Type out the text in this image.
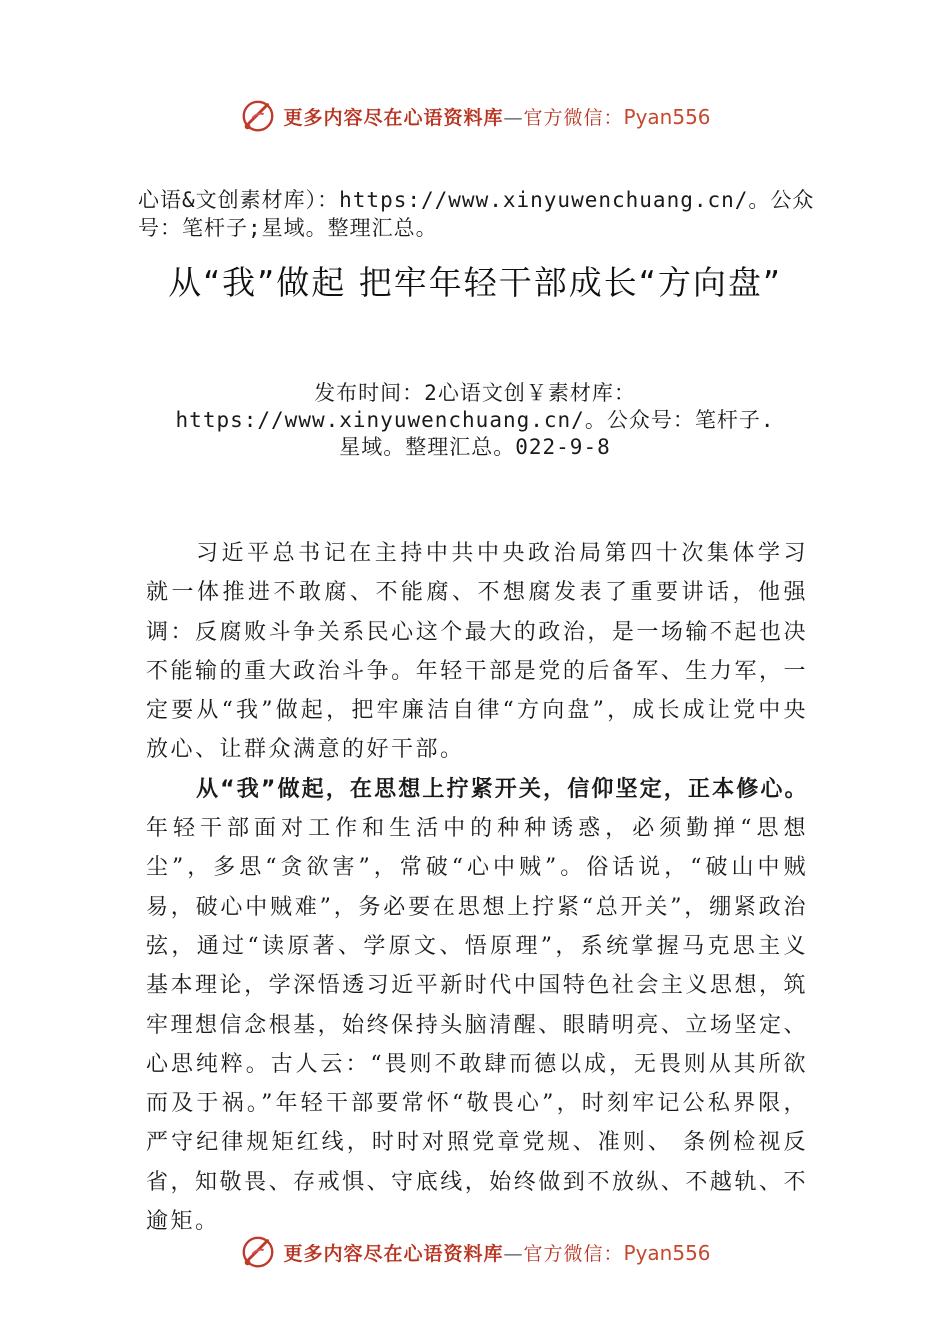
更多内容尽在心语资料库—官方微信：Pyan556

心语&文创素材库）：https://www.xinyuwenchuang.cn/。公众号：笔杆子;星域。整理汇总。

从“我”做起 把牢年轻干部成长“方向盘”

发布时间：2心语文创￥素材库：https://www.xinyuwenchuang.cn/。公众号：笔杆子.星域。整理汇总。022-9-8

习近平总书记在主持中共中央政治局第四十次集体学习就一体推进不敢腐、不能腐、不想腐发表了重要讲话，他强调：反腐败斗争关系民心这个最大的政治，是一场输不起也决不能输的重大政治斗争。年轻干部是党的后备军、生力军，一定要从“我”做起，把牢廉洁自律“方向盘”，成长成让党中央放心、让群众满意的好干部。

从“我”做起，在思想上拧紧开关，信仰坚定，正本修心。年轻干部面对工作和生活中的种种诱惑，必须勤掸“思想尘”，多思“贪欲害”，常破“心中贼”。俗话说，“破山中贼易，破心中贼难”，务必要在思想上拧紧“总开关”，绷紧政治弦，通过“读原著、学原文、悟原理”，系统掌握马克思主义基本理论，学深悟透习近平新时代中国特色社会主义思想，筑牢理想信念根基，始终保持头脑清醒、眼睛明亮、立场坚定、心思纯粹。古人云：“畏则不敢肆而德以成，无畏则从其所欲而及于祸。”年轻干部要常怀“敬畏心”，时刻牢记公私界限，严守纪律规矩红线，时时对照党章党规、准则、 条例检视反省，知敬畏、存戒惧、守底线，始终做到不放纵、不越轨、不逾矩。

更多内容尽在心语资料库—官方微信：Pyan556
